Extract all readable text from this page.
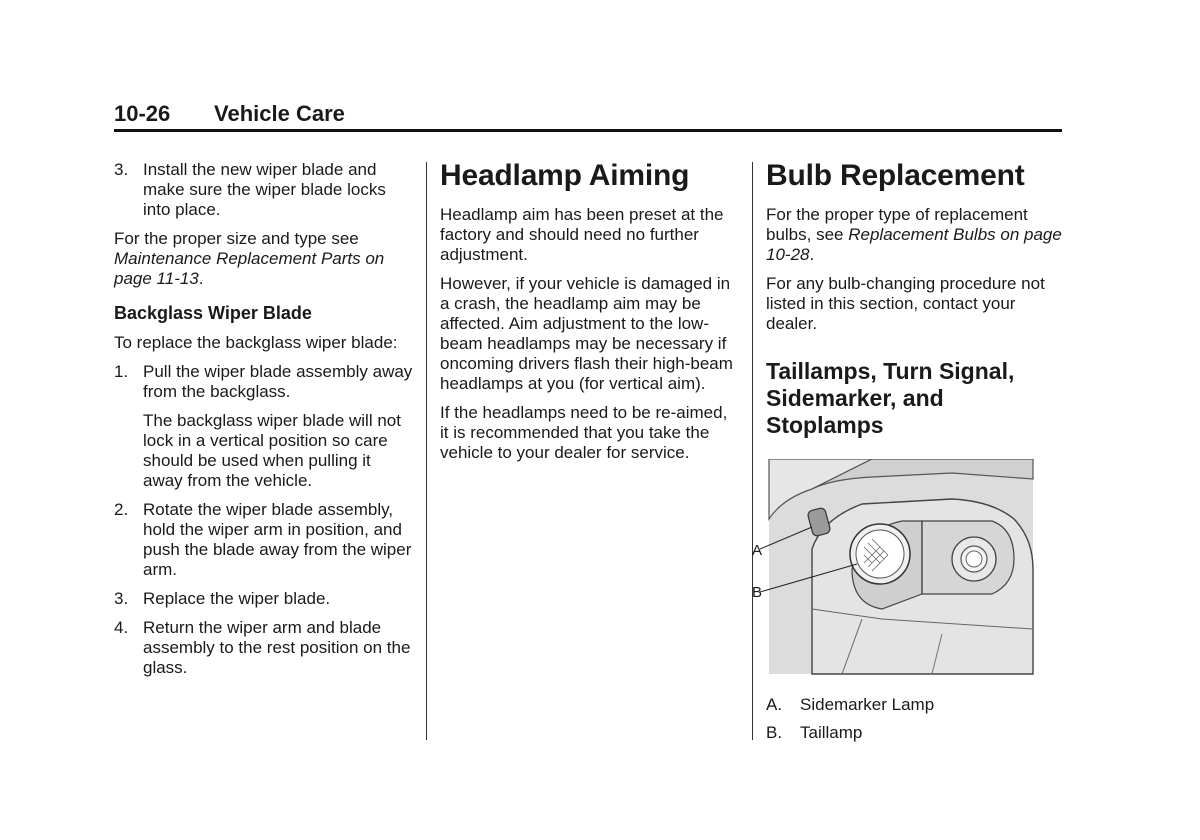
10-26 Vehicle Care
3. Install the new wiper blade and make sure the wiper blade locks into place.

For the proper size and type see Maintenance Replacement Parts on page 11-13.

Backglass Wiper Blade

To replace the backglass wiper blade:

1. Pull the wiper blade assembly away from the backglass.

The backglass wiper blade will not lock in a vertical position so care should be used when pulling it away from the vehicle.

2. Rotate the wiper blade assembly, hold the wiper arm in position, and push the blade away from the wiper arm.
3. Replace the wiper blade.
4. Return the wiper arm and blade assembly to the rest position on the glass.
Headlamp Aiming

Headlamp aim has been preset at the factory and should need no further adjustment.

However, if your vehicle is damaged in a crash, the headlamp aim may be affected. Aim adjustment to the low-beam headlamps may be necessary if oncoming drivers flash their high-beam headlamps at you (for vertical aim).

If the headlamps need to be re-aimed, it is recommended that you take the vehicle to your dealer for service.

Bulb Replacement

For the proper type of replacement bulbs, see Replacement Bulbs on page 10-28.

For any bulb-changing procedure not listed in this section, contact your dealer.

Taillamps, Turn Signal, Sidemarker, and Stoplamps
A
B
A.	Sidemarker Lamp
B.	Taillamp
